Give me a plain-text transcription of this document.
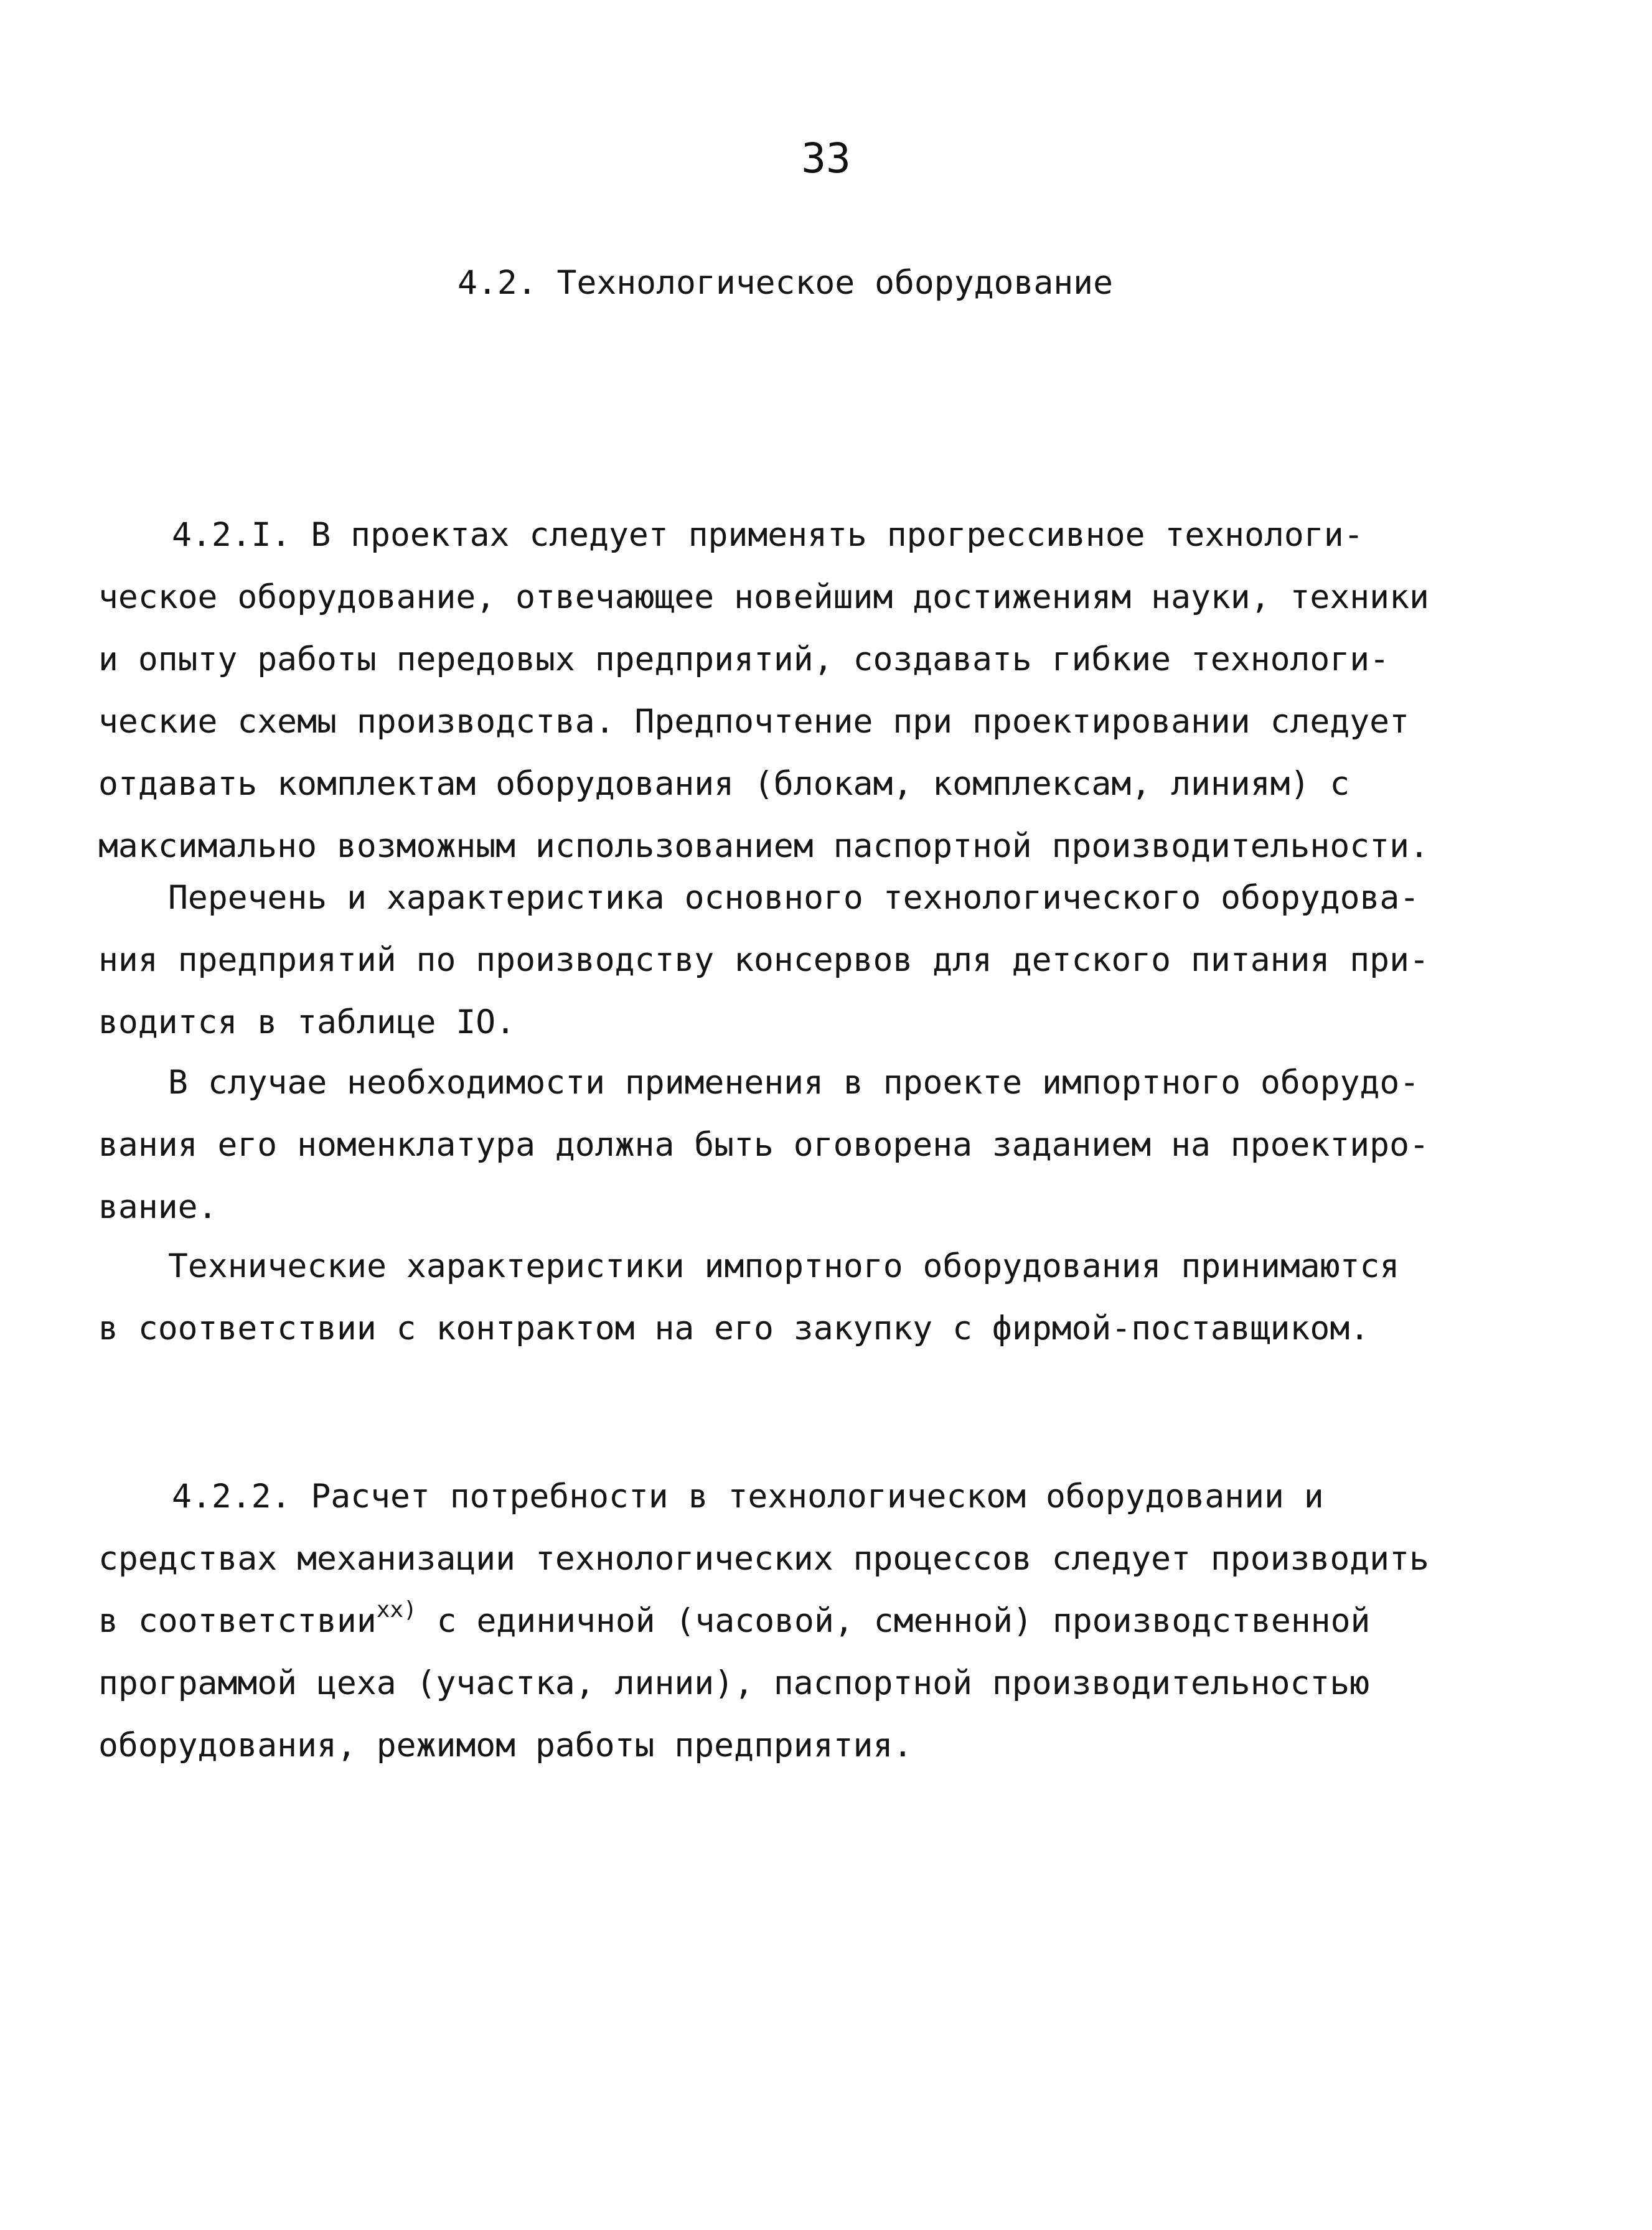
33
4.2. Технологическое оборудование
4.2.I. В проектах следует применять прогрессивное технологи-
ческое оборудование, отвечающее новейшим достижениям науки, техники
и опыту работы передовых предприятий, создавать гибкие технологи-
ческие схемы производства. Предпочтение при проектировании следует
отдавать комплектам оборудования (блокам, комплексам, линиям) с
максимально возможным использованием паспортной производительности.
Перечень и характеристика основного технологического оборудова-
ния предприятий по производству консервов для детского питания при-
водится в таблице IO.
В случае необходимости применения в проекте импортного оборудо-
вания его номенклатура должна быть оговорена заданием на проектиро-
вание.
Технические характеристики импортного оборудования принимаются
в соответствии с контрактом на его закупку с фирмой-поставщиком.
4.2.2. Расчет потребности в технологическом оборудовании и
средствах механизации технологических процессов следует производить
в соответствии$^{xx)}$ с единичной (часовой, сменной) производственной
программой цеха (участка, линии), паспортной производительностью
оборудования, режимом работы предприятия.
